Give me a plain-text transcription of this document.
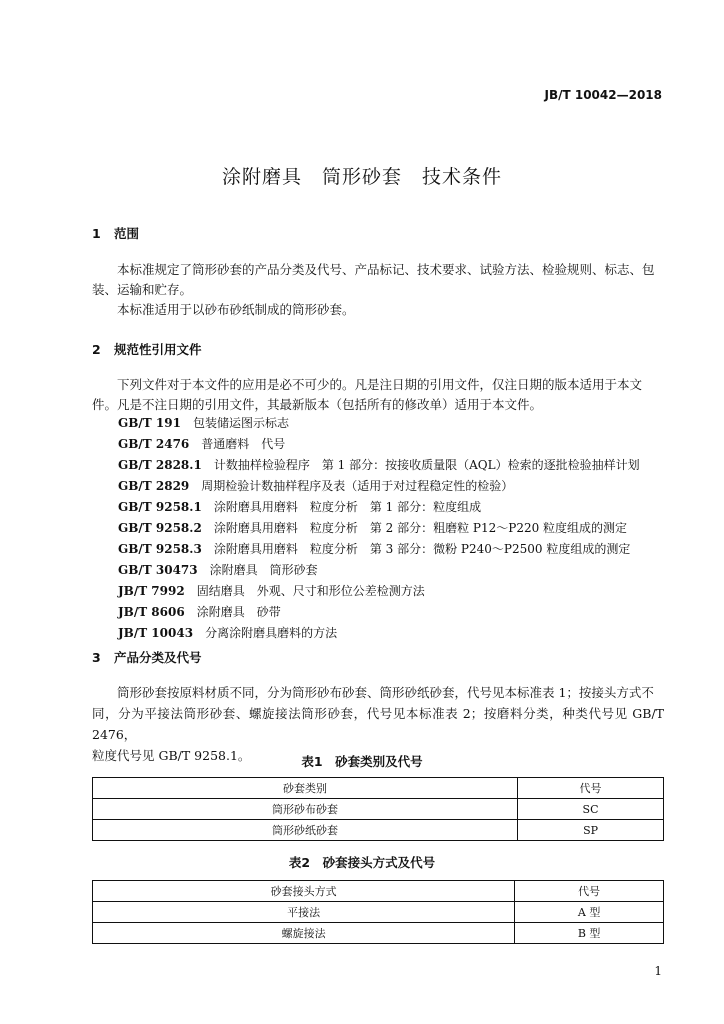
JB/T 10042—2018
涂附磨具　筒形砂套　技术条件
1 范围
本标准规定了筒形砂套的产品分类及代号、产品标记、技术要求、试验方法、检验规则、标志、包
装、运输和贮存。
本标准适用于以砂布砂纸制成的筒形砂套。
2 规范性引用文件
下列文件对于本文件的应用是必不可少的。凡是注日期的引用文件，仅注日期的版本适用于本文
件。凡是不注日期的引用文件，其最新版本（包括所有的修改单）适用于本文件。
GB/T 191　 包装储运图示标志
GB/T 2476　 普通磨料　代号
GB/T 2828.1　 计数抽样检验程序　第 1 部分：按接收质量限（AQL）检索的逐批检验抽样计划
GB/T 2829　 周期检验计数抽样程序及表（适用于对过程稳定性的检验）
GB/T 9258.1　 涂附磨具用磨料　粒度分析　第 1 部分：粒度组成
GB/T 9258.2　 涂附磨具用磨料　粒度分析　第 2 部分：粗磨粒 P12～P220 粒度组成的测定
GB/T 9258.3　 涂附磨具用磨料　粒度分析　第 3 部分：微粉 P240～P2500 粒度组成的测定
GB/T 30473　 涂附磨具　筒形砂套
JB/T 7992　 固结磨具　外观、尺寸和形位公差检测方法
JB/T 8606　 涂附磨具　砂带
JB/T 10043　 分离涂附磨具磨料的方法
3 产品分类及代号
筒形砂套按原料材质不同，分为筒形砂布砂套、筒形砂纸砂套，代号见本标准表 1；按接头方式不
同，分为平接法筒形砂套、螺旋接法筒形砂套，代号见本标准表 2；按磨料分类，种类代号见 GB/T 2476，
粒度代号见 GB/T 9258.1。	表1　砂套类别及代号
砂套类别	代号
筒形砂布砂套	SC
筒形砂纸砂套	SP
表2　砂套接头方式及代号
砂套接头方式	代号
平接法	A 型
螺旋接法	B 型
1
